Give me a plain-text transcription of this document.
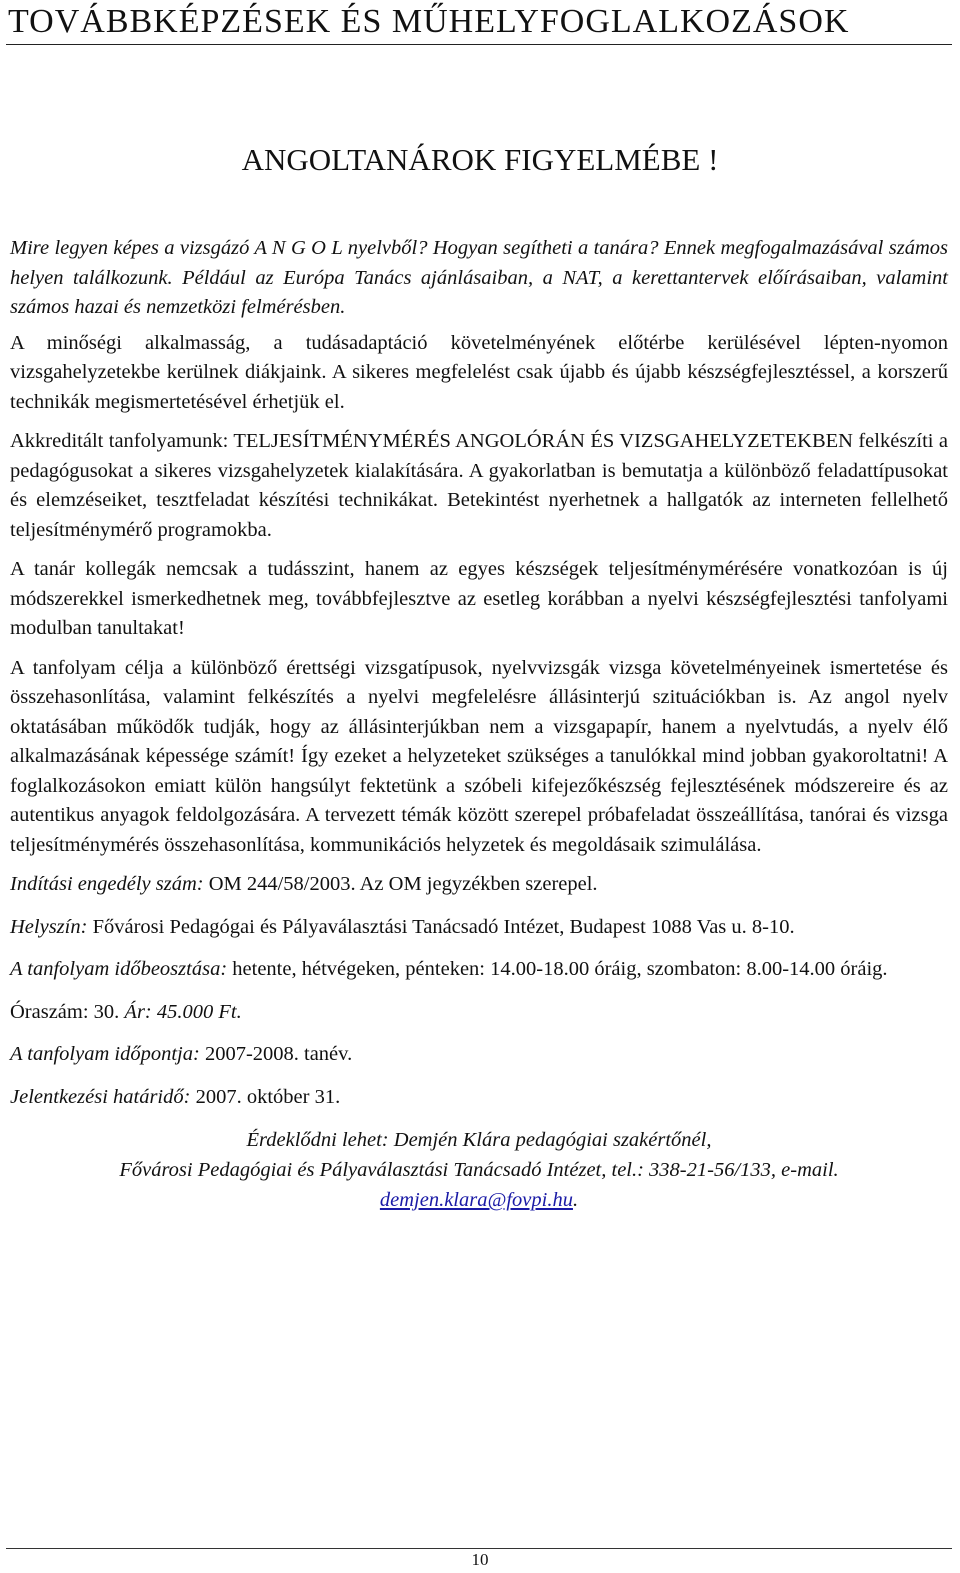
TOVÁBBKÉPZÉSEK ÉS MŰHELYFOGLALKOZÁSOK
ANGOLTANÁROK FIGYELMÉBE !

Mire legyen képes a vizsgázó A N G O L nyelvből? Hogyan segítheti a tanára? Ennek megfogalmazásával számos helyen találkozunk. Például az Európa Tanács ajánlásaiban, a NAT, a kerettantervek előírásaiban, valamint számos hazai és nemzetközi felmérésben.

A minőségi alkalmasság, a tudásadaptáció követelményének előtérbe kerülésével lépten-nyomon vizsgahelyzetekbe kerülnek diákjaink. A sikeres megfelelést csak újabb és újabb készségfejlesztéssel, a korszerű technikák megismertetésével érhetjük el.

Akkreditált tanfolyamunk: TELJESÍTMÉNYMÉRÉS ANGOLÓRÁN ÉS VIZSGAHELYZETEKBEN felkészíti a pedagógusokat a sikeres vizsgahelyzetek kialakítására. A gyakorlatban is bemutatja a különböző feladattípusokat és elemzéseiket, tesztfeladat készítési technikákat. Betekintést nyerhetnek a hallgatók az interneten fellelhető teljesítménymérő programokba.

A tanár kollegák nemcsak a tudásszint, hanem az egyes készségek teljesítménymérésére vonatkozóan is új módszerekkel ismerkedhetnek meg, továbbfejlesztve az esetleg korábban a nyelvi készségfejlesztési tanfolyami modulban tanultakat!

A tanfolyam célja a különböző érettségi vizsgatípusok, nyelvvizsgák vizsga követelményeinek ismertetése és összehasonlítása, valamint felkészítés a nyelvi megfelelésre állásinterjú szituációkban is. Az angol nyelv oktatásában működők tudják, hogy az állásinterjúkban nem a vizsgapapír, hanem a nyelvtudás, a nyelv élő alkalmazásának képessége számít! Így ezeket a helyzeteket szükséges a tanulókkal mind jobban gyakoroltatni! A foglalkozásokon emiatt külön hangsúlyt fektetünk a szóbeli kifejezőkészség fejlesztésének módszereire és az autentikus anyagok feldolgozására. A tervezett témák között szerepel próbafeladat összeállítása, tanórai és vizsga teljesítménymérés összehasonlítása, kommunikációs helyzetek és megoldásaik szimulálása.

Indítási engedély szám: OM 244/58/2003. Az OM jegyzékben szerepel.

Helyszín: Fővárosi Pedagógai és Pályaválasztási Tanácsadó Intézet, Budapest 1088 Vas u. 8-10.

A tanfolyam időbeosztása: hetente, hétvégeken, pénteken: 14.00-18.00 óráig, szombaton: 8.00-14.00 óráig.

Óraszám: 30. Ár: 45.000 Ft.

A tanfolyam időpontja: 2007-2008. tanév.

Jelentkezési határidő: 2007. október 31.

Érdeklődni lehet: Demjén Klára pedagógiai szakértőnél,
Fővárosi Pedagógiai és Pályaválasztási Tanácsadó Intézet, tel.: 338-21-56/133, e-mail.
demjen.klara@fovpi.hu.
10
